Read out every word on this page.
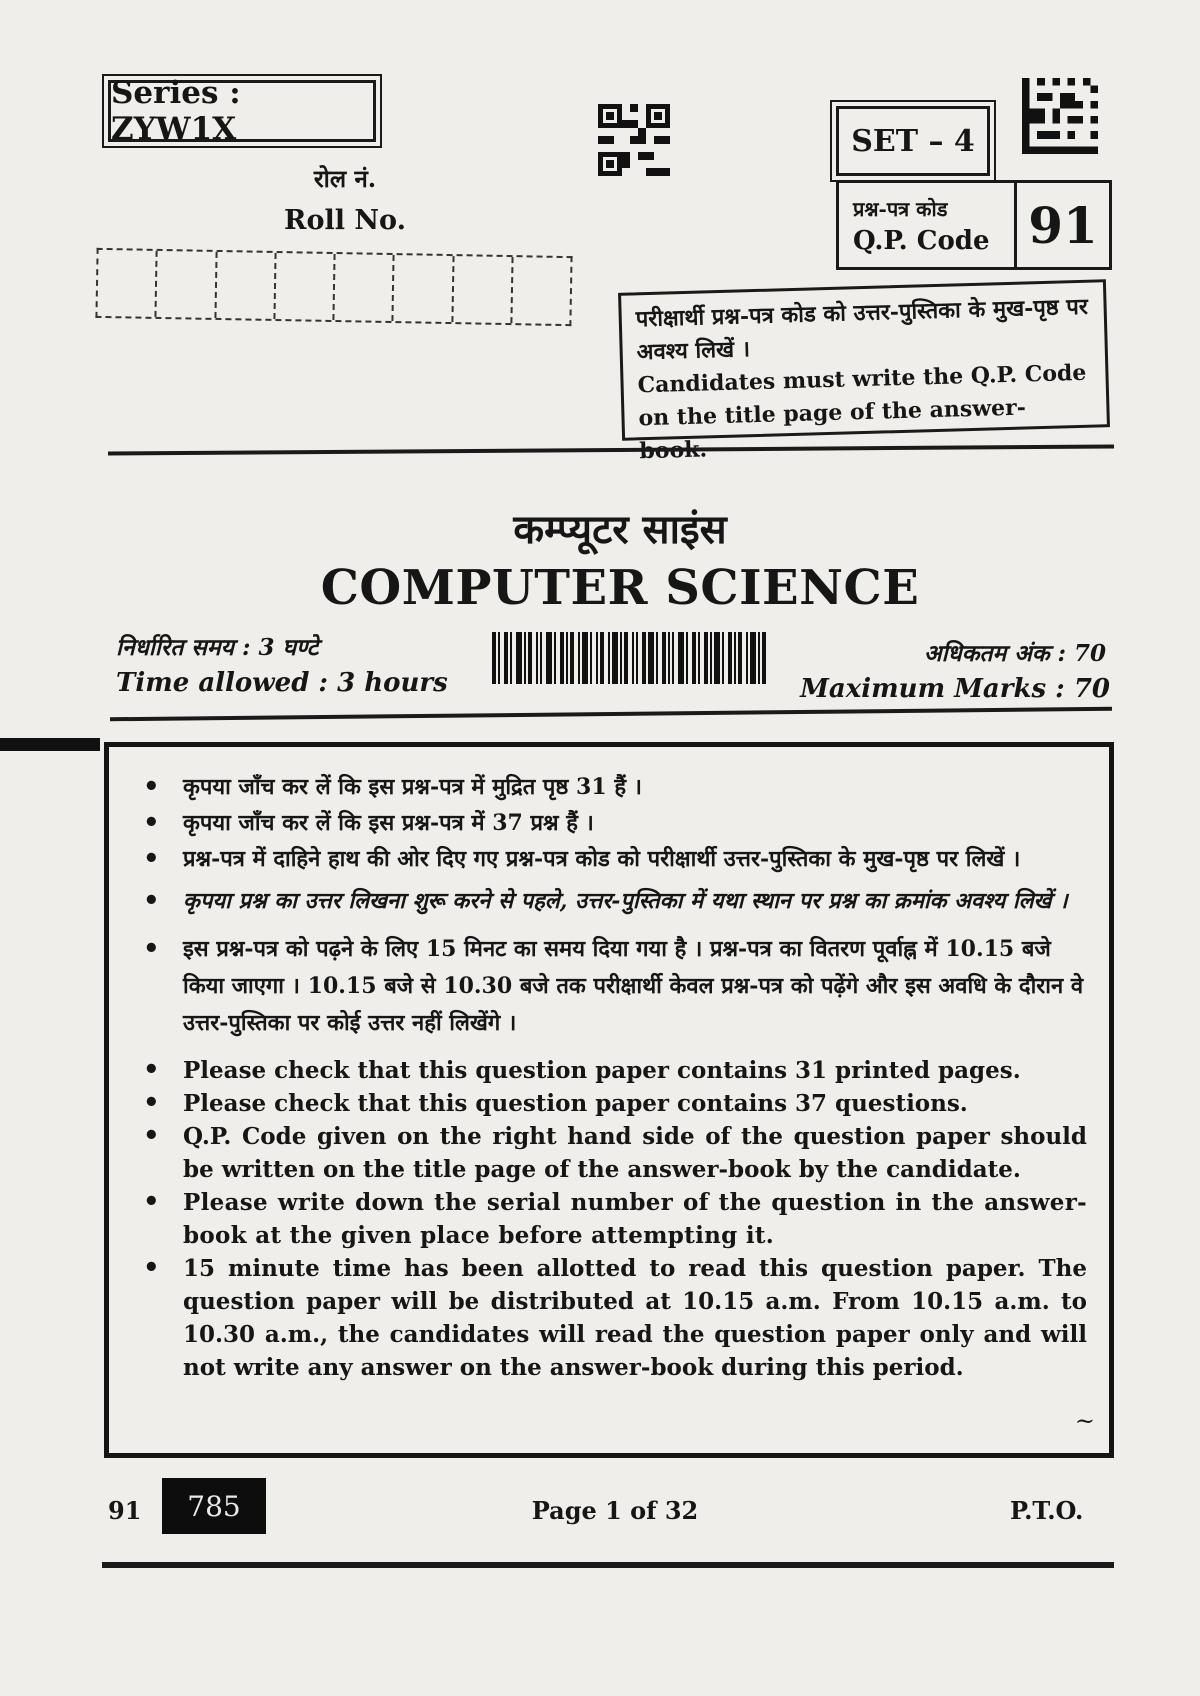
Series : ZYW1X
रोल नं.
Roll No.
SET – 4
प्रश्न-पत्र कोड
Q.P. Code 91
परीक्षार्थी प्रश्न-पत्र कोड को उत्तर-पुस्तिका के मुख-पृष्ठ पर अवश्य लिखें ।
Candidates must write the Q.P. Code on the title page of the answer-book.
कम्प्यूटर साइंस
COMPUTER SCIENCE
निर्धारित समय : 3 घण्टे
Time allowed : 3 hours
अधिकतम अंक : 70
Maximum Marks : 70
• कृपया जाँच कर लें कि इस प्रश्न-पत्र में मुद्रित पृष्ठ 31 हैं ।
• कृपया जाँच कर लें कि इस प्रश्न-पत्र में 37 प्रश्न हैं ।
• प्रश्न-पत्र में दाहिने हाथ की ओर दिए गए प्रश्न-पत्र कोड को परीक्षार्थी उत्तर-पुस्तिका के मुख-पृष्ठ पर लिखें ।
• कृपया प्रश्न का उत्तर लिखना शुरू करने से पहले, उत्तर-पुस्तिका में यथा स्थान पर प्रश्न का क्रमांक अवश्य लिखें ।
• इस प्रश्न-पत्र को पढ़ने के लिए 15 मिनट का समय दिया गया है । प्रश्न-पत्र का वितरण पूर्वाह्न में 10.15 बजे किया जाएगा । 10.15 बजे से 10.30 बजे तक परीक्षार्थी केवल प्रश्न-पत्र को पढ़ेंगे और इस अवधि के दौरान वे उत्तर-पुस्तिका पर कोई उत्तर नहीं लिखेंगे ।
• Please check that this question paper contains 31 printed pages.
• Please check that this question paper contains 37 questions.
• Q.P. Code given on the right hand side of the question paper should be written on the title page of the answer-book by the candidate.
• Please write down the serial number of the question in the answer-book at the given place before attempting it.
• 15 minute time has been allotted to read this question paper. The question paper will be distributed at 10.15 a.m. From 10.15 a.m. to 10.30 a.m., the candidates will read the question paper only and will not write any answer on the answer-book during this period.
~
91	785	Page 1 of 32	P.T.O.
